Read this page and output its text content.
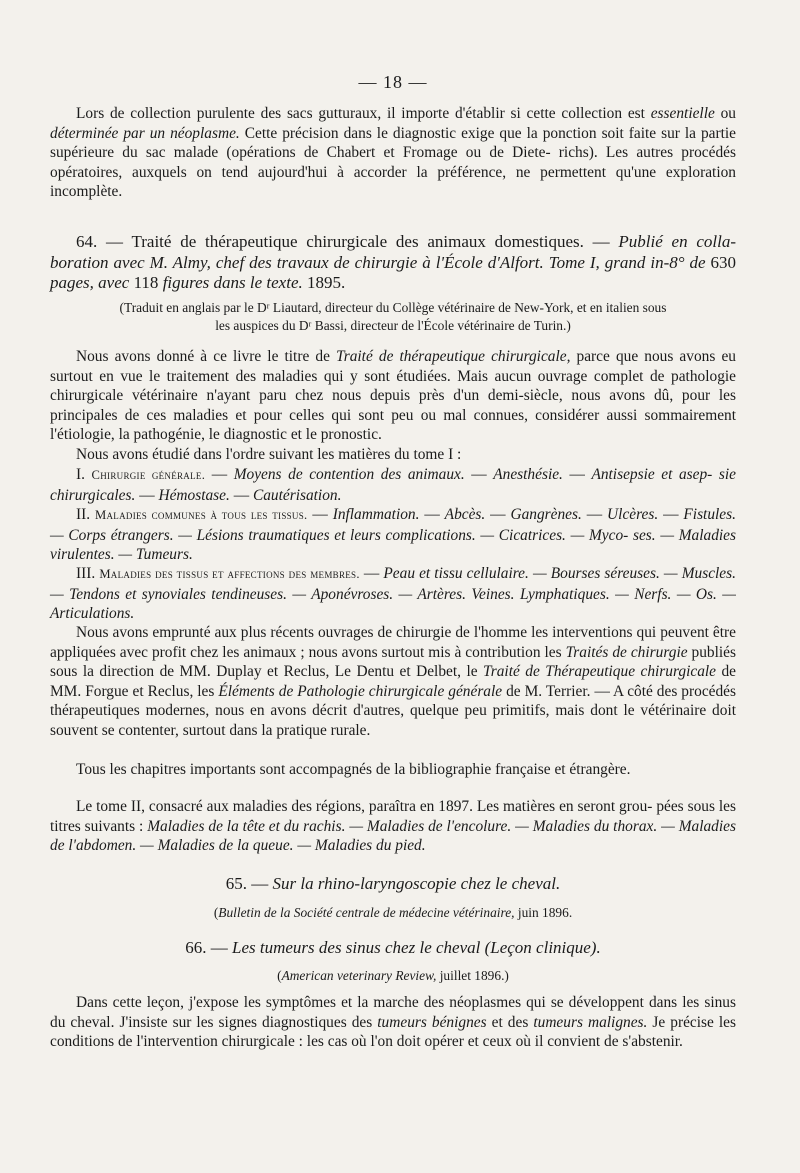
— 18 —
Lors de collection purulente des sacs gutturaux, il importe d'établir si cette collection est essentielle ou déterminée par un néoplasme. Cette précision dans le diagnostic exige que la ponction soit faite sur la partie supérieure du sac malade (opérations de Chabert et Fromage ou de Diete- richs). Les autres procédés opératoires, auxquels on tend aujourd'hui à accorder la préférence, ne permettent qu'une exploration incomplète.
64. — Traité de thérapeutique chirurgicale des animaux domestiques. — Publié en colla- boration avec M. Almy, chef des travaux de chirurgie à l'École d'Alfort. Tome I, grand in-8° de 630 pages, avec 118 figures dans le texte. 1895.
(Traduit en anglais par le Dʳ Liautard, directeur du Collège vétérinaire de New-York, et en italien sous
les auspices du Dʳ Bassi, directeur de l'École vétérinaire de Turin.)
Nous avons donné à ce livre le titre de Traité de thérapeutique chirurgicale, parce que nous avons eu surtout en vue le traitement des maladies qui y sont étudiées. Mais aucun ouvrage complet de pathologie chirurgicale vétérinaire n'ayant paru chez nous depuis près d'un demi-siècle, nous avons dû, pour les principales de ces maladies et pour celles qui sont peu ou mal connues, considérer aussi sommairement l'étiologie, la pathogénie, le diagnostic et le pronostic.
Nous avons étudié dans l'ordre suivant les matières du tome I :
I. Chirurgie générale. — Moyens de contention des animaux. — Anesthésie. — Antisepsie et asep- sie chirurgicales. — Hémostase. — Cautérisation.
II. Maladies communes à tous les tissus. — Inflammation. — Abcès. — Gangrènes. — Ulcères. — Fistules. — Corps étrangers. — Lésions traumatiques et leurs complications. — Cicatrices. — Myco- ses. — Maladies virulentes. — Tumeurs.
III. Maladies des tissus et affections des membres. — Peau et tissu cellulaire. — Bourses séreuses. — Muscles. — Tendons et synoviales tendineuses. — Aponévroses. — Artères. Veines. Lymphatiques. — Nerfs. — Os. —Articulations.
Nous avons emprunté aux plus récents ouvrages de chirurgie de l'homme les interventions qui peuvent être appliquées avec profit chez les animaux ; nous avons surtout mis à contribution les Traités de chirurgie publiés sous la direction de MM. Duplay et Reclus, Le Dentu et Delbet, le Traité de Thérapeutique chirurgicale de MM. Forgue et Reclus, les Éléments de Pathologie chirurgicale générale de M. Terrier. — A côté des procédés thérapeutiques modernes, nous en avons décrit d'autres, quelque peu primitifs, mais dont le vétérinaire doit souvent se contenter, surtout dans la pratique rurale.
Tous les chapitres importants sont accompagnés de la bibliographie française et étrangère.
Le tome II, consacré aux maladies des régions, paraîtra en 1897. Les matières en seront grou- pées sous les titres suivants : Maladies de la tête et du rachis. — Maladies de l'encolure. — Maladies du thorax. — Maladies de l'abdomen. — Maladies de la queue. — Maladies du pied.
65. — Sur la rhino-laryngoscopie chez le cheval.
(Bulletin de la Société centrale de médecine vétérinaire, juin 1896.
66. — Les tumeurs des sinus chez le cheval (Leçon clinique).
(American veterinary Review, juillet 1896.)
Dans cette leçon, j'expose les symptômes et la marche des néoplasmes qui se développent dans les sinus du cheval. J'insiste sur les signes diagnostiques des tumeurs bénignes et des tumeurs malignes. Je précise les conditions de l'intervention chirurgicale : les cas où l'on doit opérer et ceux où il convient de s'abstenir.
